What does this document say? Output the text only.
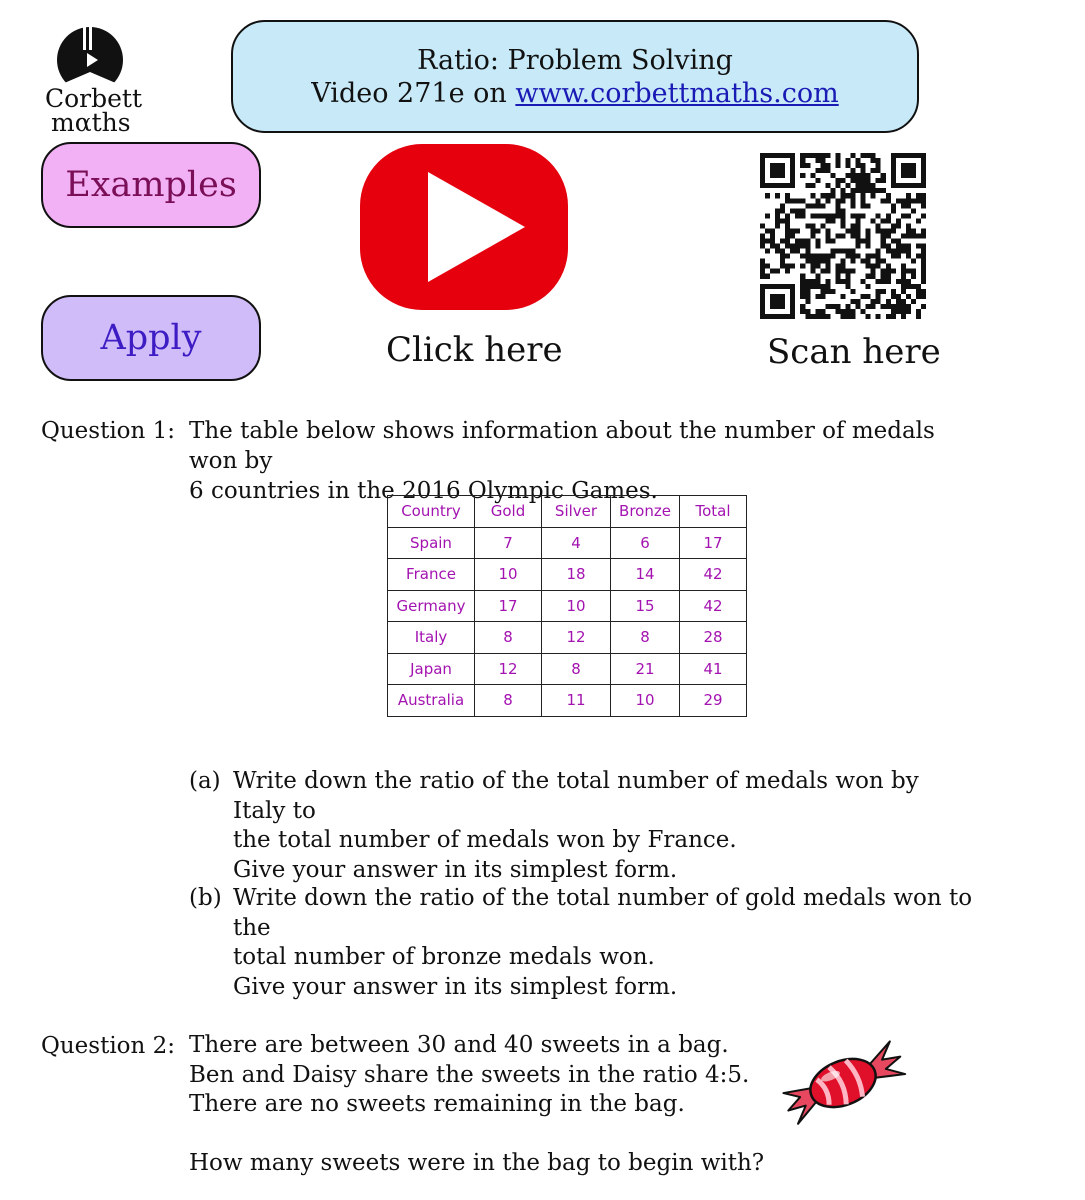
Corbett
mαths
Ratio: Problem Solving
Video 271e on www.corbettmaths.com
Examples
Apply	Click here	Scan here
Question 1: The table below shows information about the number of medals won by
6 countries in the 2016 Olympic Games.
Country	Gold	Silver	Bronze	Total
Spain	7	4	6	17
France	10	18	14	42
Germany	17	10	15	42
Italy	8	12	8	28
Japan	12	8	21	41
Australia	8	11	10	29
(a) Write down the ratio of the total number of medals won by Italy to
the total number of medals won by France.
Give your answer in its simplest form.
(b) Write down the ratio of the total number of gold medals won to the
total number of bronze medals won.
Give your answer in its simplest form.
Question 2: There are between 30 and 40 sweets in a bag.
Ben and Daisy share the sweets in the ratio 4:5.
There are no sweets remaining in the bag.
How many sweets were in the bag to begin with?
